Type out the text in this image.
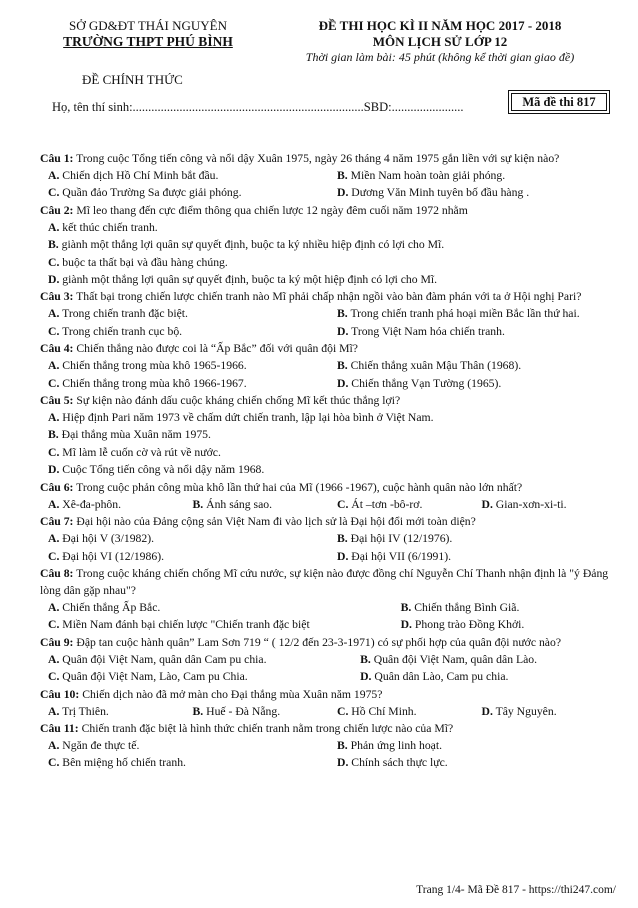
SỞ GD&ĐT THÁI NGUYÊN
TRƯỜNG THPT PHÚ BÌNH
ĐỀ THI HỌC KÌ II NĂM HỌC 2017 - 2018
MÔN LỊCH SỬ LỚP 12
Thời gian làm bài: 45 phút (không kể thời gian giao đề)
ĐỀ CHÍNH THỨC
Họ, tên thí sinh:..........................................................................SBD:.......................	Mã đề thi 817

Câu 1: Trong cuộc Tổng tiến công và nổi dậy Xuân 1975, ngày 26 tháng 4 năm 1975 gắn liền với sự kiện nào?

A. Chiến dịch Hồ Chí Minh bắt đầu.	B. Miền Nam hoàn toàn giải phóng.
C. Quần đảo Trường Sa được giải phóng.	D. Dương Văn Minh tuyên bố đầu hàng .

Câu 2: Mĩ leo thang đến cực điểm thông qua chiến lược 12 ngày đêm cuối năm 1972 nhằm

A. kết thúc chiến tranh.
B. giành một thắng lợi quân sự quyết định, buộc ta ký nhiều hiệp định có lợi cho Mĩ.
C. buộc ta thất bại và đầu hàng chúng.
D. giành một thắng lợi quân sự quyết định, buộc ta ký một hiệp định có lợi cho Mĩ.

Câu 3: Thất bại trong chiến lược chiến tranh nào Mĩ phải chấp nhận ngồi vào bàn đàm phán với ta ở Hội nghị Pari?

A. Trong chiến tranh đặc biệt.	B. Trong chiến tranh phá hoại miền Bắc lần thứ hai.
C. Trong chiến tranh cục bộ.	D. Trong Việt Nam hóa chiến tranh.

Câu 4: Chiến thắng nào được coi là “Ấp Bắc” đối với quân đội Mĩ?

A. Chiến thắng trong mùa khô 1965-1966.	B. Chiến thắng xuân Mậu Thân (1968).
C. Chiến thắng trong mùa khô 1966-1967.	D. Chiến thắng Vạn Tường (1965).

Câu 5: Sự kiện nào đánh dấu cuộc kháng chiến chống Mĩ kết thúc thắng lợi?

A. Hiệp định Pari năm 1973 về chấm dứt chiến tranh, lập lại hòa bình ở Việt Nam.
B. Đại thắng mùa Xuân năm 1975.
C. Mĩ làm lễ cuốn cờ và rút về nước.
D. Cuộc Tổng tiến công và nổi dậy năm 1968.

Câu 6: Trong cuộc phản công mùa khô lần thứ hai của Mĩ (1966 -1967), cuộc hành quân nào lớn nhất?

A. Xê-đa-phôn.	B. Ánh sáng sao.	C. Át –tơn -bô-rơ.	D. Gian-xơn-xi-ti.

Câu 7: Đại hội nào của Đảng cộng sản Việt Nam đi vào lịch sử là Đại hội đổi mới toàn diện?

A. Đại hội V (3/1982).	B. Đại hội IV (12/1976).
C. Đại hội VI (12/1986).	D. Đại hội VII (6/1991).

Câu 8: Trong cuộc kháng chiến chống Mĩ cứu nước, sự kiện nào được đồng chí Nguyễn Chí Thanh nhận định là "ý Đảng lòng dân gặp nhau"?

A. Chiến thắng Ấp Bắc.	B. Chiến thắng Bình Giã.
C. Miền Nam đánh bại chiến lược "Chiến tranh đặc biệt	D. Phong trào Đồng Khởi.

Câu 9: Đập tan cuộc hành quân” Lam Sơn 719 “ ( 12/2 đến 23-3-1971) có sự phối hợp của quân đội nước nào?

A. Quân đội Việt Nam, quân dân Cam pu chia.	B. Quân đội Việt Nam, quân dân Lào.
C. Quân đội Việt Nam, Lào, Cam pu Chia.	D. Quân dân Lào, Cam pu chia.

Câu 10: Chiến dịch nào đã mở màn cho Đại thắng mùa Xuân năm 1975?

A. Trị Thiên.	B. Huế - Đà Nẵng.	C. Hồ Chí Minh.	D. Tây Nguyên.

Câu 11: Chiến tranh đặc biệt là hình thức chiến tranh nằm trong chiến lược nào của Mĩ?

A. Ngăn đe thực tế.	B. Phản ứng linh hoạt.
C. Bên miệng hố chiến tranh.	D. Chính sách thực lực.
Trang 1/4- Mã Đề 817 - https://thi247.com/
